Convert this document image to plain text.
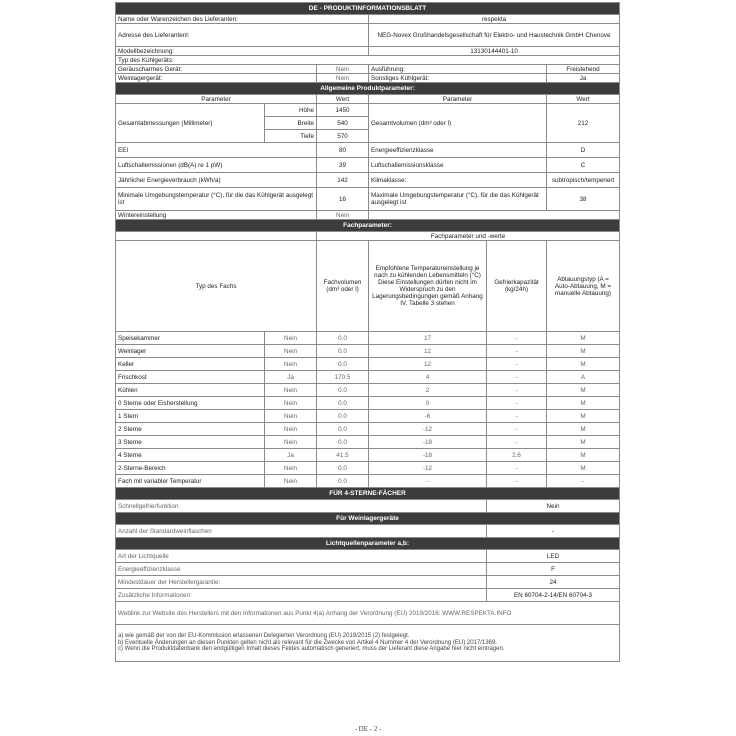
DE - PRODUKTINFORMATIONSBLATT					
Name oder Warenzeichen des Lieferanten:			respekta		
Adresse des Lieferantenl:			NEG-Novex Großhandelsgesellschaft für Elektro- und Haustechnik GmbH Chenove		
Modellbezeichnung:			13130144401-10		
Typ des Kühlgeräts:					
Geräuscharmes Gerät:		Nein	Ausführung:		Freistehend
Weinlagergerät:		Nein	Sonstiges Kühlgerät:		Ja
Allgemeine Produktparameter:					
Parameter		Wert	Parameter		Wert
Gesamtabmessungen (Millimeter)	Höhe	1450	Gesamtvolumen (dm³ oder l)		212
	Breite	540			
	Tiefe	570			
EEI		80	Energieeffizienzklasse		D
Luftschallemissionen (dB(A) re 1 pW)		39	Luftschallemissionsklasse		C
Jährlicher Energieverbrauch (kWh/a)		142	Klimaklasse:		subtropisch/temperiert
Minimale Umgebungstemperatur (°C), für die das Kühlgerät ausgelegt ist		16	Maximale Umgebungstemperatur (°C), für die das Kühlgerät ausgelegt ist		38
Wintereinstellung		Nein			
Fachparameter:					
		Fachparameter und -werte			
Typ des Fachs		Fachvolumen (dm³ oder l)	Empfohlene Temperatureinstellung je nach zu kühlenden Lebensmitteln (°C) Diese Einstellungen dürfen nicht im Widerspruch zu den Lagerungsbedingungen gemäß Anhang IV, Tabelle 3 stehen	Gefrierkapazität (kg/24h)	Abtauungstyp (A = Auto-Abtauung, M = manuelle Abtauung)
Speisekammer	Nein	0.0	17	-	M
Weinlager	Nein	0.0	12	-	M
Keller	Nein	0.0	12	-	M
Frischkost	Ja	170.5	4	-	A
Kühlen	Nein	0.0	2	-	M
0 Sterne oder Eisherstellung	Nein	0.0	0	-	M
1 Stern	Nein	0.0	-6	-	M
2 Sterne	Nein	0.0	-12	-	M
3 Sterne	Nein	0.0	-18	-	M
4 Sterne	Ja	41.5	-18	2.6	M
2-Sterne-Bereich	Nein	0.0	-12	-	M
Fach mit variabler Temperatur	Nein	0.0	-	-	-
FÜR 4-STERNE-FÄCHER					
Schnellgefrierfunktion				Nein	
Für Weinlagergeräte					
Anzahl der Standardweinflaschen				-	
Lichtquellenparameter a,b:					
Art der Lichtquelle				LED	
Energieeffizienzklasse				F	
Mindestdauer der Herstellergarantie:				24	
Zusätzliche Informationen:				EN 60704-2-14/EN 60704-3	
Weblink zur Website des Herstellers mit den Informationen aus Punkt 4(a) Anhang der Verordnung (EU) 2019/2016: WWW.RESPEKTA.INFO					

a) wie gemäß der von der EU-Kommission erlassenen Delegierten Verordnung (EU) 2019/2015 (2) festgelegt.
b) Eventuelle Änderungen an diesen Punkten gelten nicht als relevant für die Zwecke von Artikel 4 Nummer 4 der Verordnung (EU) 2017/1369.
c) Wenn die Produktdatenbank den endgültigen Inhalt dieses Feldes automatisch generiert, muss der Lieferant diese Angabe hier nicht eintragen.					
- DE - 2 -
